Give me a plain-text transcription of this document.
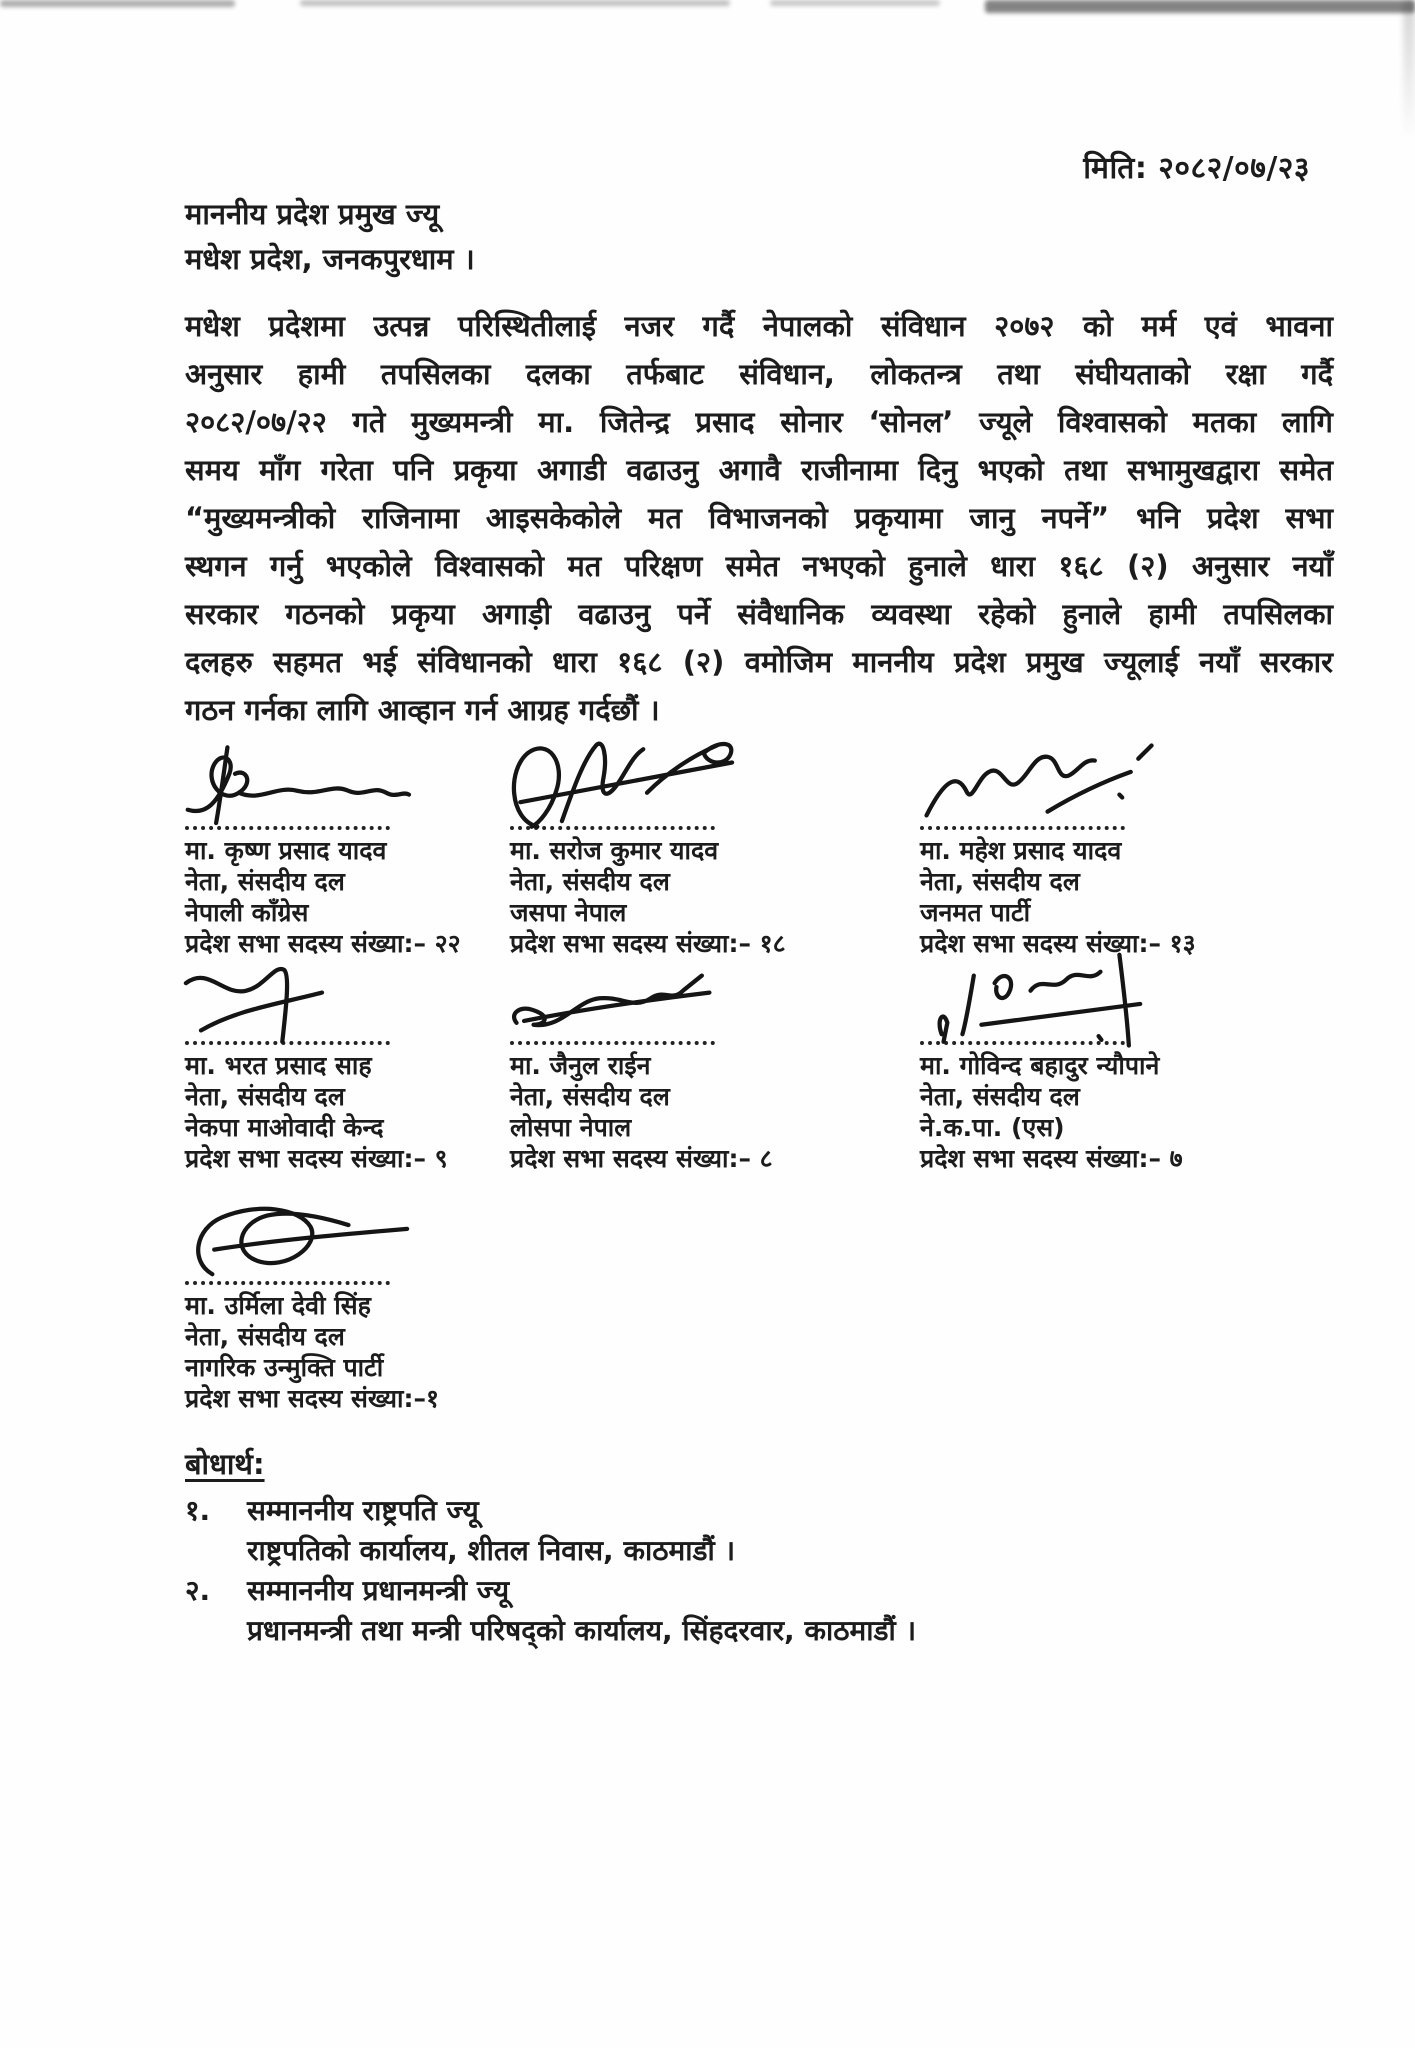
मिति: २०८२/०७/२३
माननीय प्रदेश प्रमुख ज्यू
मधेश प्रदेश, जनकपुरधाम ।
मधेश प्रदेशमा उत्पन्न परिस्थितीलाई नजर गर्दै नेपालको संविधान २०७२ को मर्म एवं भावना
अनुसार हामी तपसिलका दलका तर्फबाट संविधान, लोकतन्त्र तथा संघीयताको रक्षा गर्दै
२०८२/०७/२२ गते मुख्यमन्त्री मा. जितेन्द्र प्रसाद सोनार ‘सोनल’ ज्यूले विश्वासको मतका लागि
समय माँग गरेता पनि प्रकृया अगाडी वढाउनु अगावै राजीनामा दिनु भएको तथा सभामुखद्वारा समेत
“मुख्यमन्त्रीको राजिनामा आइसकेकोले मत विभाजनको प्रकृयामा जानु नपर्ने” भनि प्रदेश सभा
स्थगन गर्नु भएकोले विश्वासको मत परिक्षण समेत नभएको हुनाले धारा १६८ (२) अनुसार नयाँ
सरकार गठनको प्रकृया अगाड़ी वढाउनु पर्ने संवैधानिक व्यवस्था रहेको हुनाले हामी तपसिलका
दलहरु सहमत भई संविधानको धारा १६८ (२) वमोजिम माननीय प्रदेश प्रमुख ज्यूलाई नयाँ सरकार
गठन गर्नका लागि आव्हान गर्न आग्रह गर्दछौं ।
मा. कृष्ण प्रसाद यादव
नेता, संसदीय दल
नेपाली काँग्रेस
प्रदेश सभा सदस्य संख्या:– २२
मा. सरोज कुमार यादव
नेता, संसदीय दल
जसपा नेपाल
प्रदेश सभा सदस्य संख्या:– १८
मा. महेश प्रसाद यादव
नेता, संसदीय दल
जनमत पार्टी
प्रदेश सभा सदस्य संख्या:– १३
मा. भरत प्रसाद साह
नेता, संसदीय दल
नेकपा माओवादी केन्द
प्रदेश सभा सदस्य संख्या:– ९
मा. जैनुल राईन
नेता, संसदीय दल
लोसपा नेपाल
प्रदेश सभा सदस्य संख्या:– ८
मा. गोविन्द बहादुर न्यौपाने
नेता, संसदीय दल
ने.क.पा. (एस)
प्रदेश सभा सदस्य संख्या:– ७
मा. उर्मिला देवी सिंह
नेता, संसदीय दल
नागरिक उन्मुक्ति पार्टी
प्रदेश सभा सदस्य संख्या:–१
बोधार्थ:
१.	सम्माननीय राष्ट्रपति ज्यू
राष्ट्रपतिको कार्यालय, शीतल निवास, काठमाडौं ।
२.	सम्माननीय प्रधानमन्त्री ज्यू
प्रधानमन्त्री तथा मन्त्री परिषद्को कार्यालय, सिंहदरवार, काठमाडौं ।
